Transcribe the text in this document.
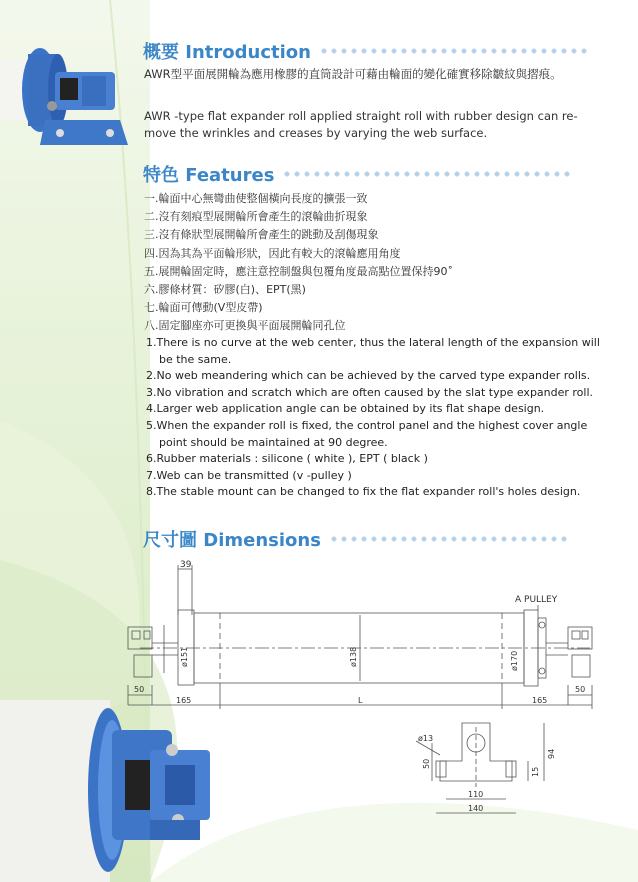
概要 Introduction
AWR型平面展開輪為應用橡膠的直筒設計可藉由輪面的變化確實移除皺紋與摺痕。
AWR -type flat expander roll applied straight roll with rubber design can re-move the wrinkles and creases by varying the web surface.
特色 Features
一.輪面中心無彎曲使整個橫向長度的擴張一致
二.沒有刻痕型展開輪所會產生的滾輪曲折現象
三.沒有條狀型展開輪所會產生的跳動及刮傷現象
四.因為其為平面輪形狀，因此有較大的滾輪應用角度
五.展開輪固定時，應注意控制盤與包覆角度最高點位置保持90˚
六.膠條材質：矽膠(白)、EPT(黑)
七.輪面可傳動(V型皮帶)
八.固定腳座亦可更換與平面展開輪同孔位
1.There is no curve at the web center, thus the lateral length of the expansion will be the same.
2.No web meandering which can be achieved by the carved type expander rolls.
3.No vibration and scratch which are often caused by the slat type expander roll.
4.Larger web application angle can be obtained by its flat shape design.
5.When the expander roll is fixed, the control panel and the highest cover angle point should be maintained at 90 degree.
6.Rubber materials : silicone ( white ), EPT ( black )
7.Web can be transmitted (v -pulley )
8.The stable mount can be changed to fix the flat expander roll's holes design.
尺寸圖 Dimensions
39
ø151	ø138
A PULLEY
ø170
50
165	L	165
50
ø13
50
15
94
110
140
